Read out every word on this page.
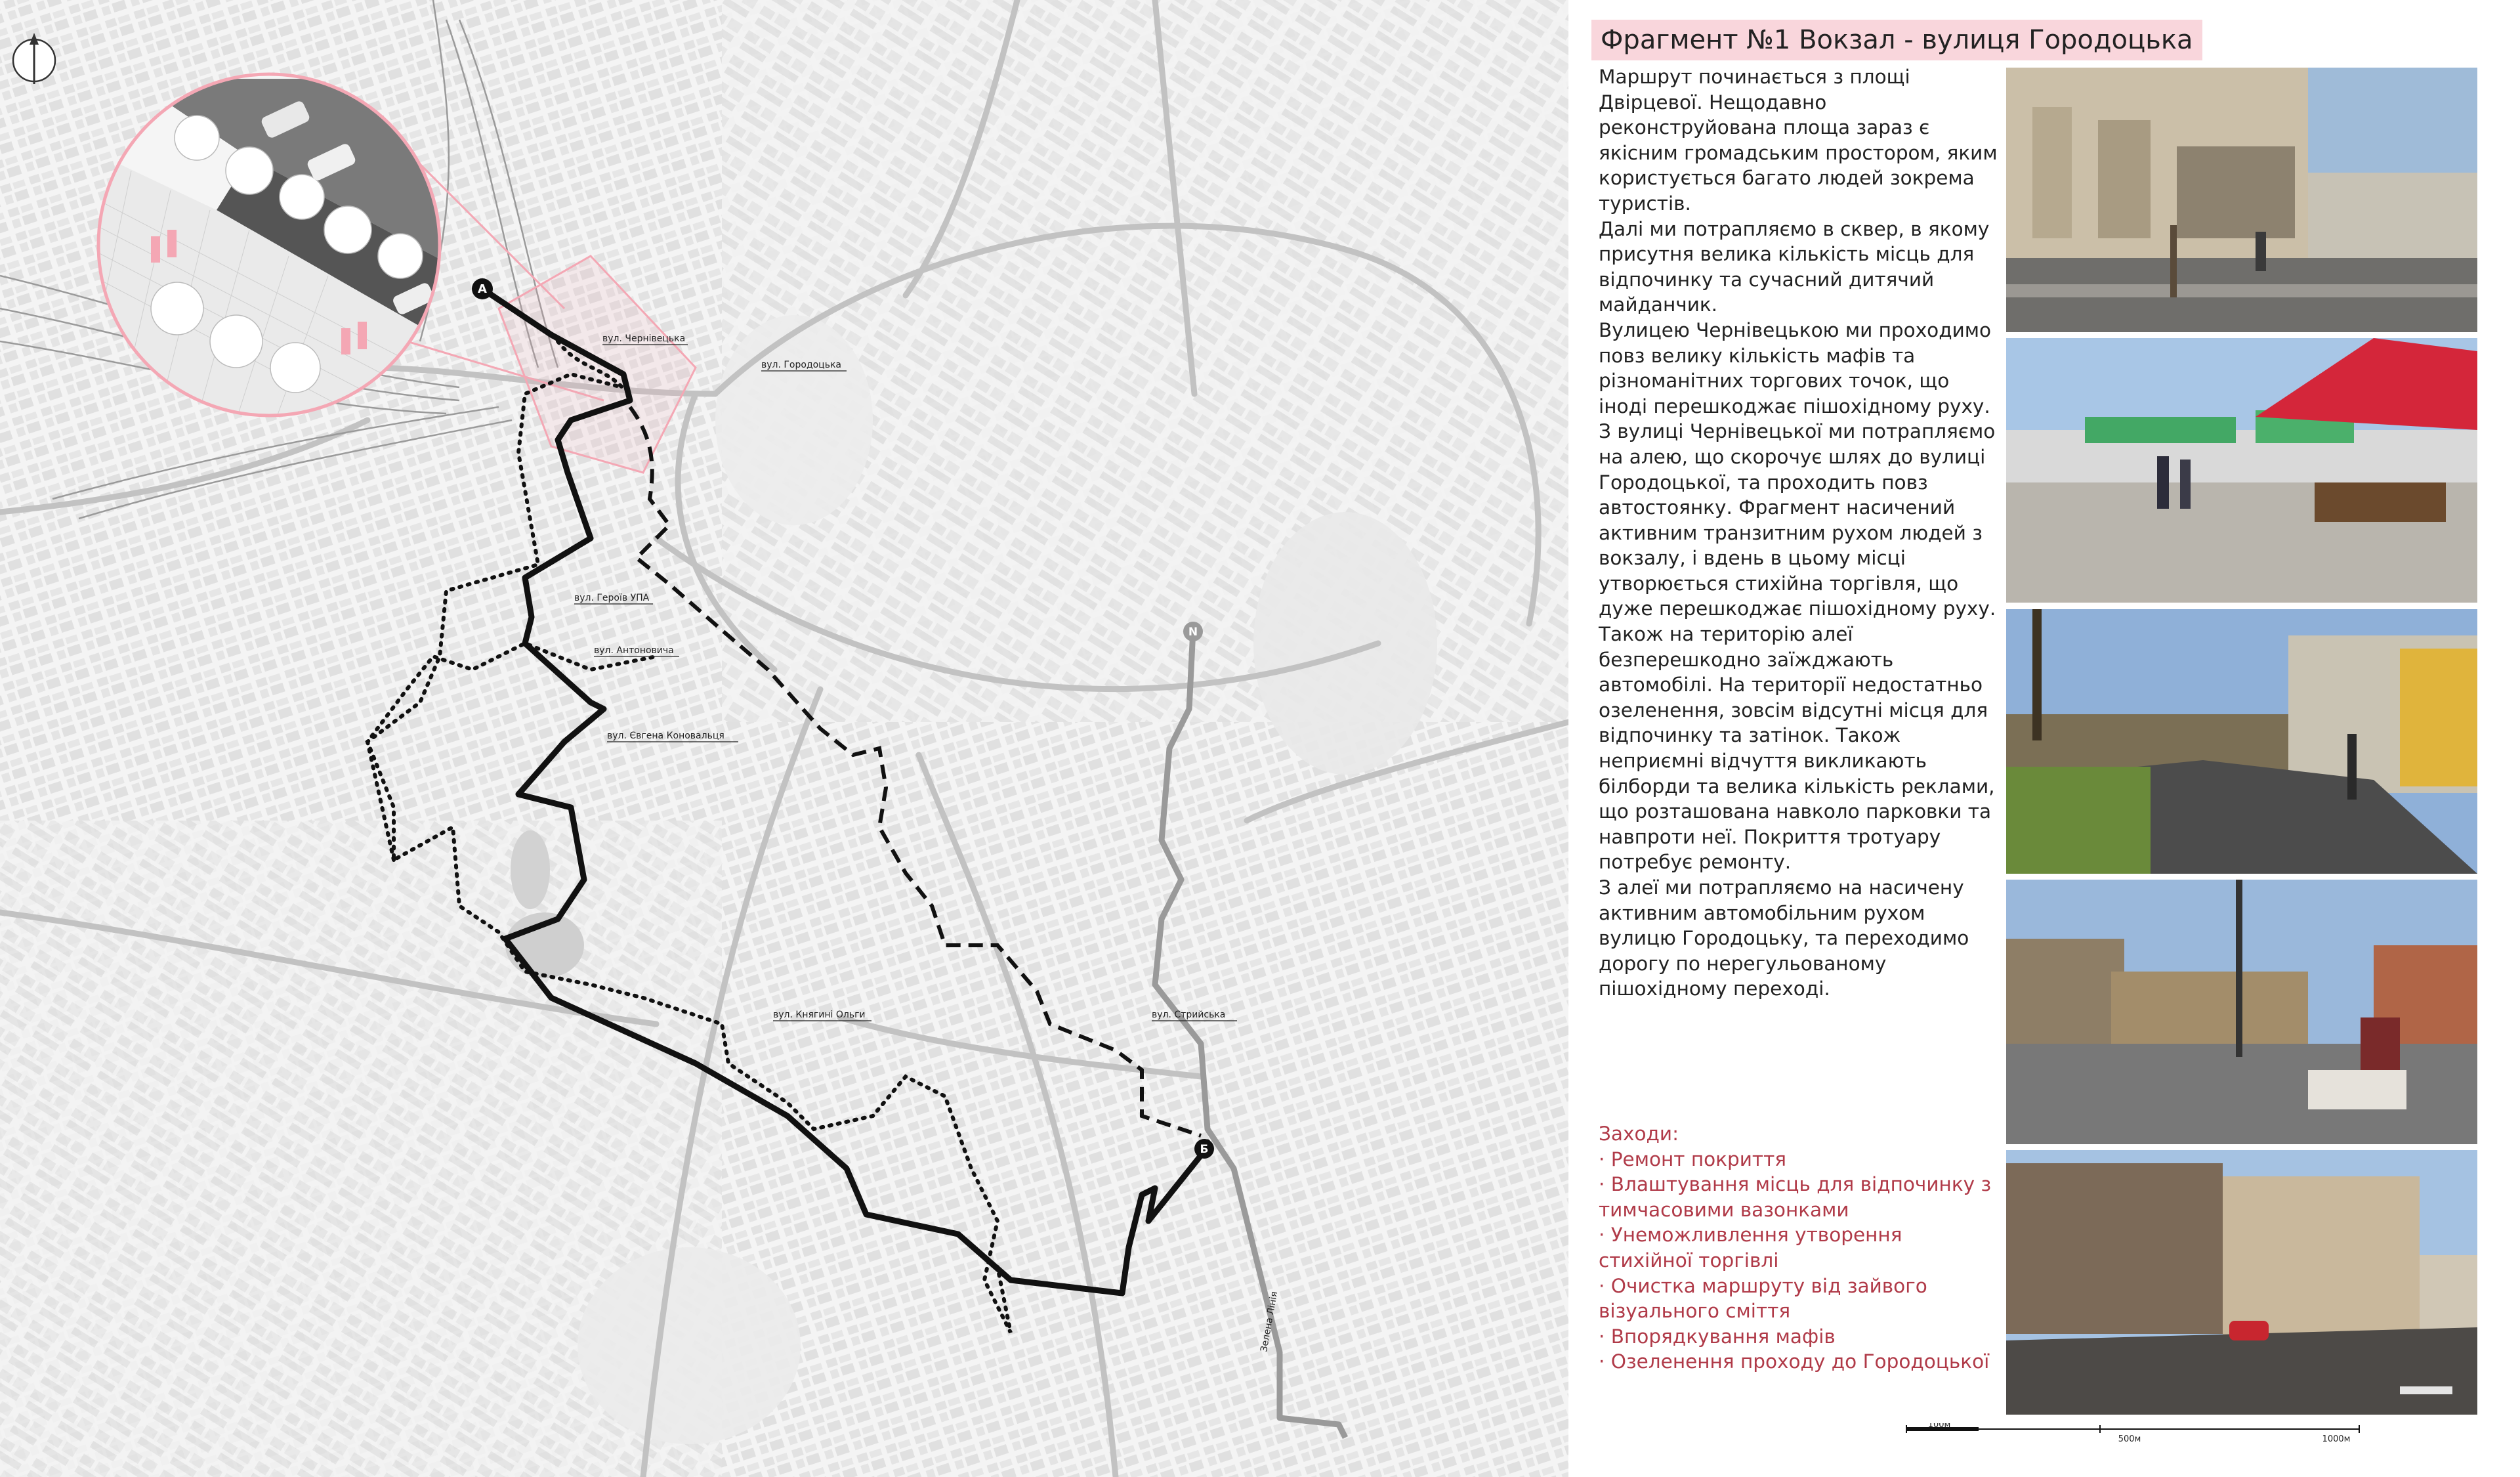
A
Б
N
вул. Чернівецька
вул. Городоцька
вул. Героїв УПА
вул. Антоновича
вул. Євгена Коновальця
вул. Княгині Ольги	вул. Стрийська
Зелена Лінія
Фрагмент №1 Вокзал - вулиця Городоцька

Маршрут починається з площі Двірцевої. Нещодавно реконструйована площа зараз є якісним громадським простором, яким користується багато людей зокрема туристів.

Далі ми потрапляємо в сквер, в якому присутня велика кількість місць для відпочинку та сучасний дитячий майданчик.

Вулицею Чернівецькою ми проходимо повз велику кількість мафів та різноманітних торгових точок, що іноді перешкоджає пішохідному руху.

З вулиці Чернівецької ми потрапляємо на алею, що скорочує шлях до вулиці Городоцької, та проходить повз автостоянку. Фрагмент насичений активним транзитним рухом людей з вокзалу, і вдень в цьому місці утворюється стихійна торгівля, що дуже перешкоджає пішохідному руху. Також на територію алеї безперешкодно заїжджають автомобілі. На території недостатньо озеленення, зовсім відсутні місця для відпочинку та затінок. Також неприємні відчуття викликають білборди та велика кількість реклами, що розташована навколо парковки та навпроти неї. Покриття тротуару потребує ремонту.

З алеї ми потрапляємо на насичену активним автомобільним рухом вулицю Городоцьку, та переходимо дорогу по нерегульованому пішохідному переході.

Заходи:

· Ремонт покриття

· Влаштування місць для відпочинку з тимчасовими вазонками

· Унеможливлення утворення стихійної торгівлі

· Очистка маршруту від зайвого візуального сміття

· Впорядкування мафів

· Озеленення проходу до Городоцької

100м
500м	1000м
